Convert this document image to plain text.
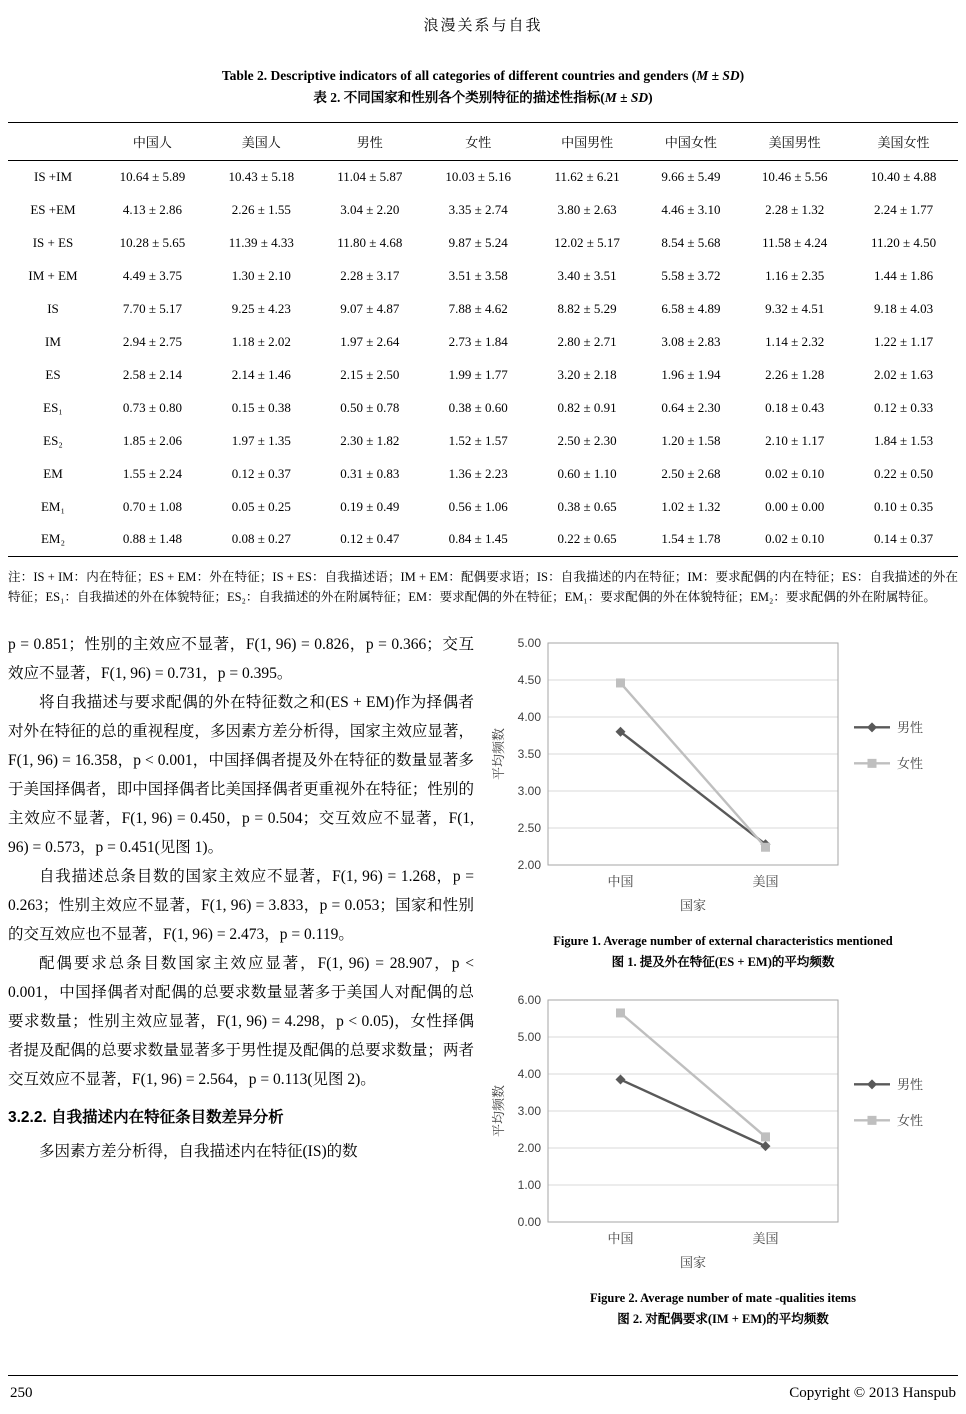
浪漫关系与自我
Table 2. Descriptive indicators of all categories of different countries and genders (M ± SD)
表 2. 不同国家和性别各个类别特征的描述性指标(M ± SD)
	中国人	美国人	男性	女性	中国男性	中国女性	美国男性	美国女性
IS +IM	10.64 ± 5.89	10.43 ± 5.18	11.04 ± 5.87	10.03 ± 5.16	11.62 ± 6.21	9.66 ± 5.49	10.46 ± 5.56	10.40 ± 4.88
ES +EM	4.13 ± 2.86	2.26 ± 1.55	3.04 ± 2.20	3.35 ± 2.74	3.80 ± 2.63	4.46 ± 3.10	2.28 ± 1.32	2.24 ± 1.77
IS + ES	10.28 ± 5.65	11.39 ± 4.33	11.80 ± 4.68	9.87 ± 5.24	12.02 ± 5.17	8.54 ± 5.68	11.58 ± 4.24	11.20 ± 4.50
IM + EM	4.49 ± 3.75	1.30 ± 2.10	2.28 ± 3.17	3.51 ± 3.58	3.40 ± 3.51	5.58 ± 3.72	1.16 ± 2.35	1.44 ± 1.86
IS	7.70 ± 5.17	9.25 ± 4.23	9.07 ± 4.87	7.88 ± 4.62	8.82 ± 5.29	6.58 ± 4.89	9.32 ± 4.51	9.18 ± 4.03
IM	2.94 ± 2.75	1.18 ± 2.02	1.97 ± 2.64	2.73 ± 1.84	2.80 ± 2.71	3.08 ± 2.83	1.14 ± 2.32	1.22 ± 1.17
ES	2.58 ± 2.14	2.14 ± 1.46	2.15 ± 2.50	1.99 ± 1.77	3.20 ± 2.18	1.96 ± 1.94	2.26 ± 1.28	2.02 ± 1.63
ES₁	0.73 ± 0.80	0.15 ± 0.38	0.50 ± 0.78	0.38 ± 0.60	0.82 ± 0.91	0.64 ± 2.30	0.18 ± 0.43	0.12 ± 0.33
ES₂	1.85 ± 2.06	1.97 ± 1.35	2.30 ± 1.82	1.52 ± 1.57	2.50 ± 2.30	1.20 ± 1.58	2.10 ± 1.17	1.84 ± 1.53
EM	1.55 ± 2.24	0.12 ± 0.37	0.31 ± 0.83	1.36 ± 2.23	0.60 ± 1.10	2.50 ± 2.68	0.02 ± 0.10	0.22 ± 0.50
EM₁	0.70 ± 1.08	0.05 ± 0.25	0.19 ± 0.49	0.56 ± 1.06	0.38 ± 0.65	1.02 ± 1.32	0.00 ± 0.00	0.10 ± 0.35
EM₂	0.88 ± 1.48	0.08 ± 0.27	0.12 ± 0.47	0.84 ± 1.45	0.22 ± 0.65	1.54 ± 1.78	0.02 ± 0.10	0.14 ± 0.37

注：IS + IM：内在特征；ES + EM：外在特征；IS + ES：自我描述语；IM + EM：配偶要求语；IS：自我描述的内在特征；IM：要求配偶的内在特征；ES：自我描述的外在特征；ES₁：自我描述的外在体貌特征；ES₂：自我描述的外在附属特征；EM：要求配偶的外在特征；EM₁：要求配偶的外在体貌特征；EM₂：要求配偶的外在附属特征。

p = 0.851；性别的主效应不显著，F(1, 96) = 0.826，p = 0.366；交互效应不显著，F(1, 96) = 0.731，p = 0.395。

将自我描述与要求配偶的外在特征数之和(ES + EM)作为择偶者对外在特征的总的重视程度，多因素方差分析得，国家主效应显著，F(1, 96) = 16.358，p < 0.001，中国择偶者提及外在特征的数量显著多于美国择偶者，即中国择偶者比美国择偶者更重视外在特征；性别的主效应不显著，F(1, 96) = 0.450，p = 0.504；交互效应不显著，F(1, 96) = 0.573，p = 0.451(见图 1)。

自我描述总条目数的国家主效应不显著，F(1, 96) = 1.268，p = 0.263；性别主效应不显著，F(1, 96) = 3.833，p = 0.053；国家和性别的交互效应也不显著，F(1, 96) = 2.473，p = 0.119。

配偶要求总条目数国家主效应显著，F(1, 96) = 28.907，p < 0.001，中国择偶者对配偶的总要求数量显著多于美国人对配偶的总要求数量；性别主效应显著，F(1, 96) = 4.298，p < 0.05)，女性择偶者提及配偶的总要求数量显著多于男性提及配偶的总要求数量；两者交互效应不显著，F(1, 96) = 2.564，p = 0.113(见图 2)。

3.2.2. 自我描述内在特征条目数差异分析

多因素方差分析得，自我描述内在特征(IS)的数

2.00
2.50
3.00
3.50
4.00
4.50
5.00
中国	美国
国家
平均频数
男性
女性
Figure 1. Average number of external characteristics mentioned
图 1. 提及外在特征(ES + EM)的平均频数
0.00
1.00
2.00
3.00
4.00
5.00
6.00
中国	美国
国家
平均频数
男性
女性
Figure 2. Average number of mate -qualities items
图 2. 对配偶要求(IM + EM)的平均频数
250	Copyright © 2013 Hanspub
